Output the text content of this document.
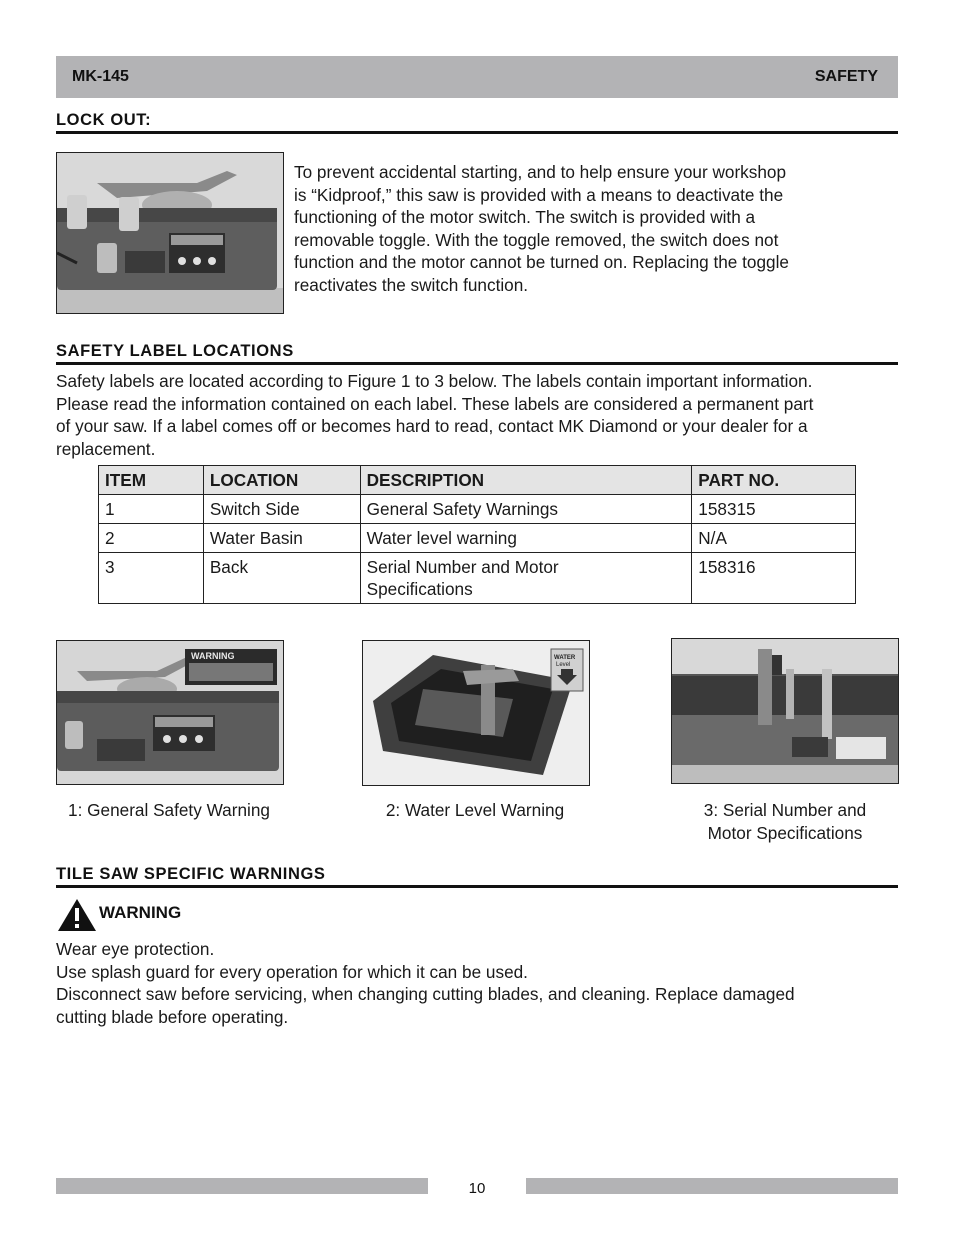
MK-145	SAFETY
LOCK OUT:
To prevent accidental starting, and to help ensure your workshop
is “Kidproof,” this saw is provided with a means to deactivate the
functioning of the motor switch. The switch is provided with a
removable toggle. With the toggle removed, the switch does not
function and the motor cannot be turned on. Replacing the toggle
reactivates the switch function.
SAFETY LABEL LOCATIONS
Safety labels are located according to Figure 1 to 3 below. The labels contain important information.
Please read the information contained on each label. These labels are considered a permanent part
of your saw. If a label comes off or becomes hard to read, contact MK Diamond or your dealer for a
replacement.
ITEM	LOCATION	DESCRIPTION	PART NO.
1	Switch Side	General Safety Warnings	158315
2	Water Basin	Water level warning	N/A
3	Back	Serial Number and Motor Specifications	158316
WARNING	WATER
Level
1: General Safety Warning	2: Water Level Warning	3: Serial Number and Motor Specifications
TILE SAW SPECIFIC WARNINGS
WARNING
Wear eye protection.
Use splash guard for every operation for which it can be used.
Disconnect saw before servicing, when changing cutting blades, and cleaning. Replace damaged
cutting blade before operating.
10
